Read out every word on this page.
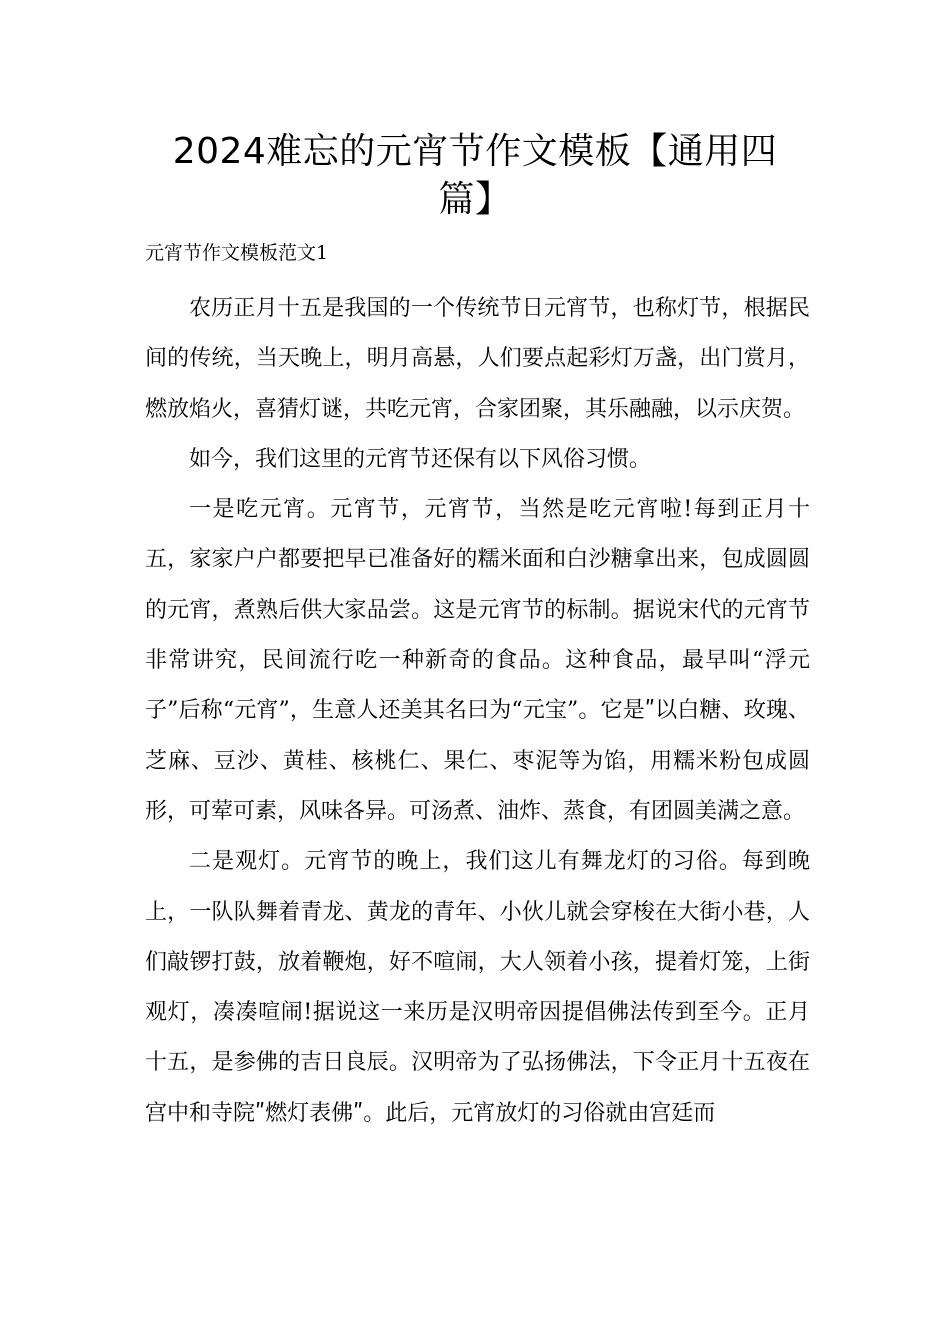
2024难忘的元宵节作文模板【通用四篇】

元宵节作文模板范文1

农历正月十五是我国的一个传统节日元宵节，也称灯节，根据民间的传统，当天晚上，明月高悬，人们要点起彩灯万盏，出门赏月，燃放焰火，喜猜灯谜，共吃元宵，合家团聚，其乐融融，以示庆贺。

如今，我们这里的元宵节还保有以下风俗习惯。

一是吃元宵。元宵节，元宵节，当然是吃元宵啦!每到正月十五，家家户户都要把早已准备好的糯米面和白沙糖拿出来，包成圆圆的元宵，煮熟后供大家品尝。这是元宵节的标制。据说宋代的元宵节非常讲究，民间流行吃一种新奇的食品。这种食品，最早叫“浮元子”后称“元宵”，生意人还美其名曰为“元宝”。它是ʺ以白糖、玫瑰、芝麻、豆沙、黄桂、核桃仁、果仁、枣泥等为馅，用糯米粉包成圆形，可荤可素，风味各异。可汤煮、油炸、蒸食，有团圆美满之意。

二是观灯。元宵节的晚上，我们这儿有舞龙灯的习俗。每到晚上，一队队舞着青龙、黄龙的青年、小伙儿就会穿梭在大街小巷，人们敲锣打鼓，放着鞭炮，好不喧闹，大人领着小孩，提着灯笼，上街观灯，凑凑喧闹!据说这一来历是汉明帝因提倡佛法传到至今。正月十五，是参佛的吉日良辰。汉明帝为了弘扬佛法，下令正月十五夜在宫中和寺院ʺ燃灯表佛ʺ。此后，元宵放灯的习俗就由宫廷而
